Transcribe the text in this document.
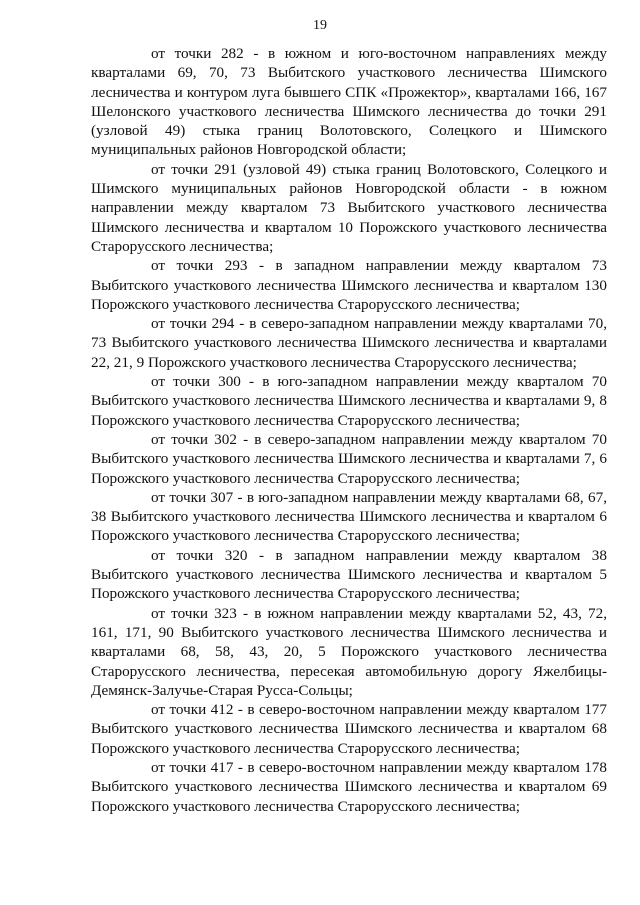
19

от точки 282 - в южном и юго-восточном направлениях между кварталами 69, 70, 73 Выбитского участкового лесничества Шимского лесничества и контуром луга бывшего СПК «Прожектор», кварталами 166, 167 Шелонского участкового лесничества Шимского лесничества до точки 291 (узловой 49) стыка границ Волотовского, Солецкого и Шимского муниципальных районов Новгородской области;

от точки 291 (узловой 49) стыка границ Волотовского, Солецкого и Шимского муниципальных районов Новгородской области - в южном направлении между кварталом 73 Выбитского участкового лесничества Шимского лесничества и кварталом 10 Порожского участкового лесничества Старорусского лесничества;

от точки 293 - в западном направлении между кварталом 73 Выбитского участкового лесничества Шимского лесничества и кварталом 130 Порожского участкового лесничества Старорусского лесничества;

от точки 294 - в северо-западном направлении между кварталами 70, 73 Выбитского участкового лесничества Шимского лесничества и кварталами 22, 21, 9 Порожского участкового лесничества Старорусского лесничества;

от точки 300 - в юго-западном направлении между кварталом 70 Выбитского участкового лесничества Шимского лесничества и кварталами 9, 8 Порожского участкового лесничества Старорусского лесничества;

от точки 302 - в северо-западном направлении между кварталом 70 Выбитского участкового лесничества Шимского лесничества и кварталами 7, 6 Порожского участкового лесничества Старорусского лесничества;

от точки 307 - в юго-западном направлении между кварталами 68, 67, 38 Выбитского участкового лесничества Шимского лесничества и кварталом 6 Порожского участкового лесничества Старорусского лесничества;

от точки 320 - в западном направлении между кварталом 38 Выбитского участкового лесничества Шимского лесничества и кварталом 5 Порожского участкового лесничества Старорусского лесничества;

от точки 323 - в южном направлении между кварталами 52, 43, 72, 161, 171, 90 Выбитского участкового лесничества Шимского лесничества и кварталами 68, 58, 43, 20, 5 Порожского участкового лесничества Старорусского лесничества, пересекая автомобильную дорогу Яжелбицы-Демянск-Залучье-Старая Русса-Сольцы;

от точки 412 - в северо-восточном направлении между кварталом 177 Выбитского участкового лесничества Шимского лесничества и кварталом 68 Порожского участкового лесничества Старорусского лесничества;

от точки 417 - в северо-восточном направлении между кварталом 178 Выбитского участкового лесничества Шимского лесничества и кварталом 69 Порожского участкового лесничества Старорусского лесничества;
